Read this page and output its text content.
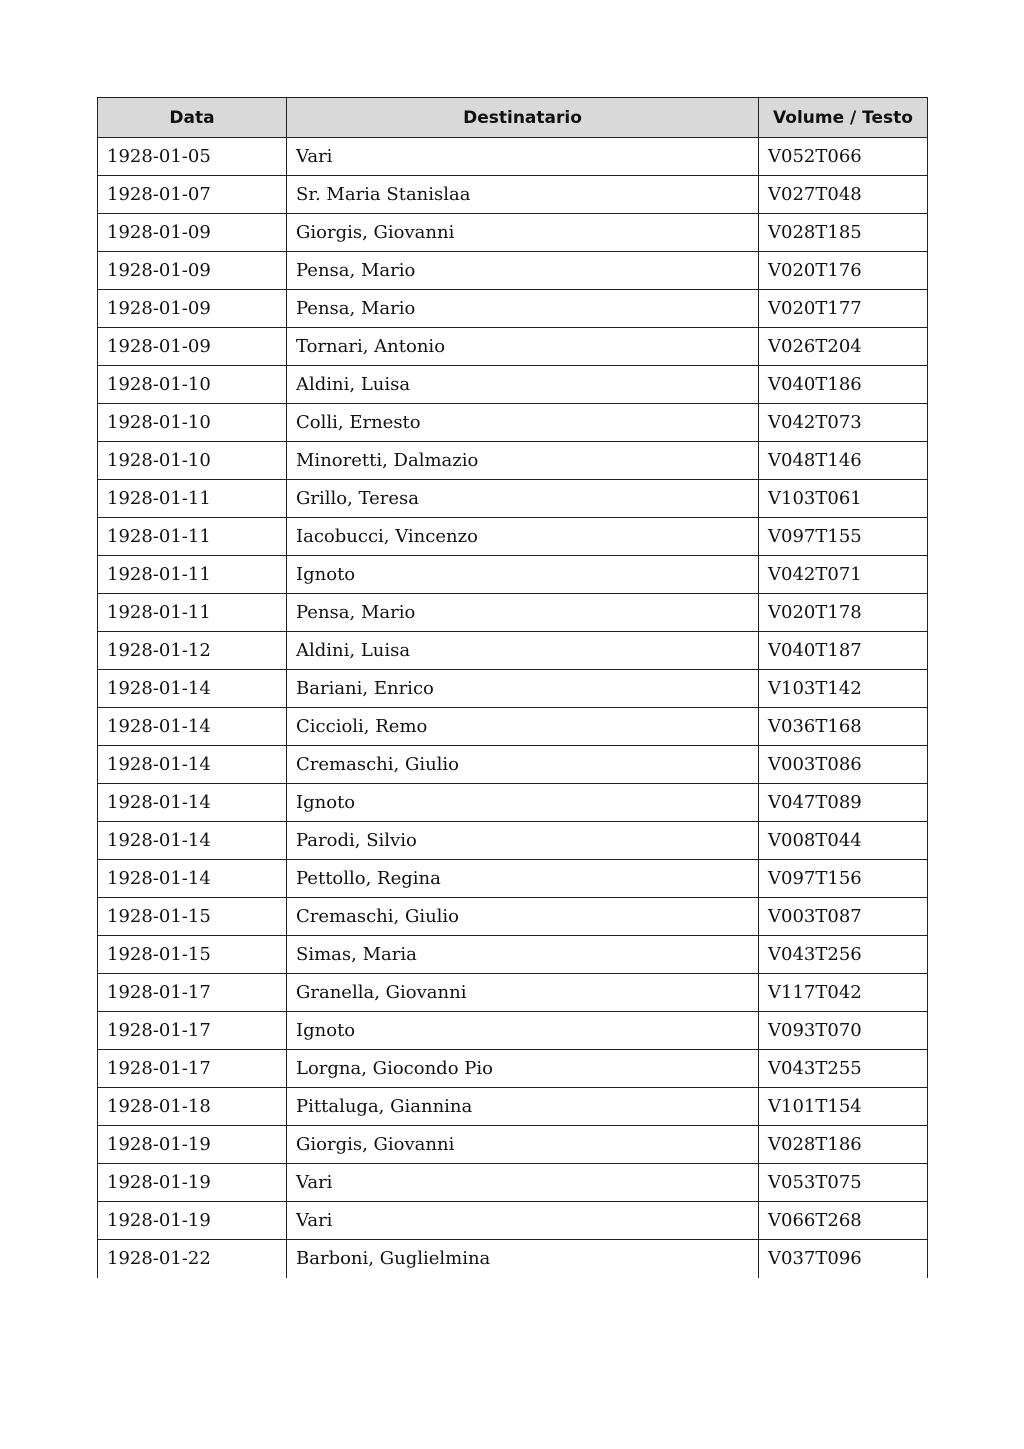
Data	Destinatario	Volume / Testo
1928-01-05	Vari	V052T066
1928-01-07	Sr. Maria Stanislaa	V027T048
1928-01-09	Giorgis, Giovanni	V028T185
1928-01-09	Pensa, Mario	V020T176
1928-01-09	Pensa, Mario	V020T177
1928-01-09	Tornari, Antonio	V026T204
1928-01-10	Aldini, Luisa	V040T186
1928-01-10	Colli, Ernesto	V042T073
1928-01-10	Minoretti, Dalmazio	V048T146
1928-01-11	Grillo, Teresa	V103T061
1928-01-11	Iacobucci, Vincenzo	V097T155
1928-01-11	Ignoto	V042T071
1928-01-11	Pensa, Mario	V020T178
1928-01-12	Aldini, Luisa	V040T187
1928-01-14	Bariani, Enrico	V103T142
1928-01-14	Ciccioli, Remo	V036T168
1928-01-14	Cremaschi, Giulio	V003T086
1928-01-14	Ignoto	V047T089
1928-01-14	Parodi, Silvio	V008T044
1928-01-14	Pettollo, Regina	V097T156
1928-01-15	Cremaschi, Giulio	V003T087
1928-01-15	Simas, Maria	V043T256
1928-01-17	Granella, Giovanni	V117T042
1928-01-17	Ignoto	V093T070
1928-01-17	Lorgna, Giocondo Pio	V043T255
1928-01-18	Pittaluga, Giannina	V101T154
1928-01-19	Giorgis, Giovanni	V028T186
1928-01-19	Vari	V053T075
1928-01-19	Vari	V066T268
1928-01-22	Barboni, Guglielmina	V037T096
